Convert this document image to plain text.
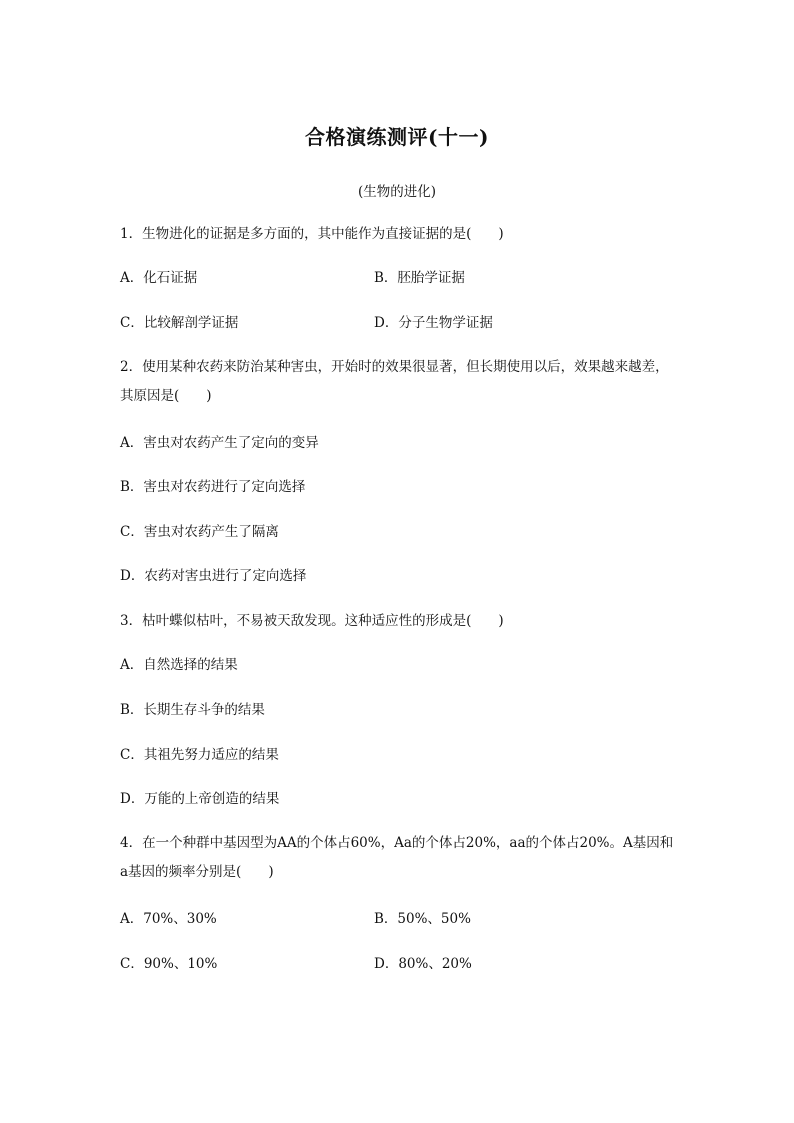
合格演练测评(十一)
(生物的进化)
1．生物进化的证据是多方面的，其中能作为直接证据的是(　　)
A．化石证据	B．胚胎学证据
C．比较解剖学证据	D．分子生物学证据
2．使用某种农药来防治某种害虫，开始时的效果很显著，但长期使用以后，效果越来越差，其原因是(　　)
A．害虫对农药产生了定向的变异
B．害虫对农药进行了定向选择
C．害虫对农药产生了隔离
D．农药对害虫进行了定向选择
3．枯叶蝶似枯叶，不易被天敌发现。这种适应性的形成是(　　)
A．自然选择的结果
B．长期生存斗争的结果
C．其祖先努力适应的结果
D．万能的上帝创造的结果
4．在一个种群中基因型为AA的个体占60%，Aa的个体占20%，aa的个体占20%。A基因和a基因的频率分别是(　　)
A．70%、30%	B．50%、50%
C．90%、10%	D．80%、20%
